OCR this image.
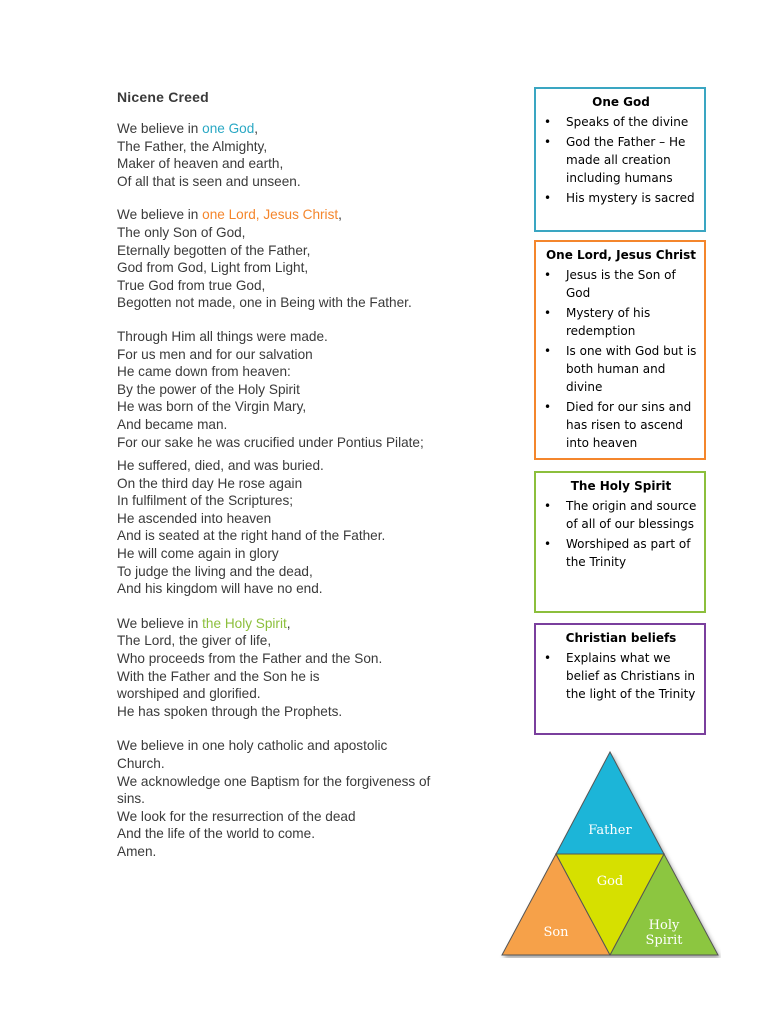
Nicene Creed
We believe in one God,
The Father, the Almighty,
Maker of heaven and earth,
Of all that is seen and unseen.
We believe in one Lord, Jesus Christ,
The only Son of God,
Eternally begotten of the Father,
God from God, Light from Light,
True God from true God,
Begotten not made, one in Being with the Father.
Through Him all things were made.
For us men and for our salvation
He came down from heaven:
By the power of the Holy Spirit
He was born of the Virgin Mary,
And became man.
For our sake he was crucified under Pontius Pilate;
He suffered, died, and was buried.
On the third day He rose again
In fulfilment of the Scriptures;
He ascended into heaven
And is seated at the right hand of the Father.
He will come again in glory
To judge the living and the dead,
And his kingdom will have no end.
We believe in the Holy Spirit,
The Lord, the giver of life,
Who proceeds from the Father and the Son.
With the Father and the Son he is
worshiped and glorified.
He has spoken through the Prophets.
We believe in one holy catholic and apostolic
Church.
We acknowledge one Baptism for the forgiveness of
sins.
We look for the resurrection of the dead
And the life of the world to come.
Amen.
One God
• Speaks of the divine
• God the Father – He made all creation including humans
• His mystery is sacred
One Lord, Jesus Christ
• Jesus is the Son of God
• Mystery of his redemption
• Is one with God but is both human and divine
• Died for our sins and has risen to ascend into heaven
The Holy Spirit
• The origin and source of all of our blessings
• Worshiped as part of the Trinity
Christian beliefs
• Explains what we belief as Christians in the light of the Trinity
Father
God
Son	Holy
Spirit
